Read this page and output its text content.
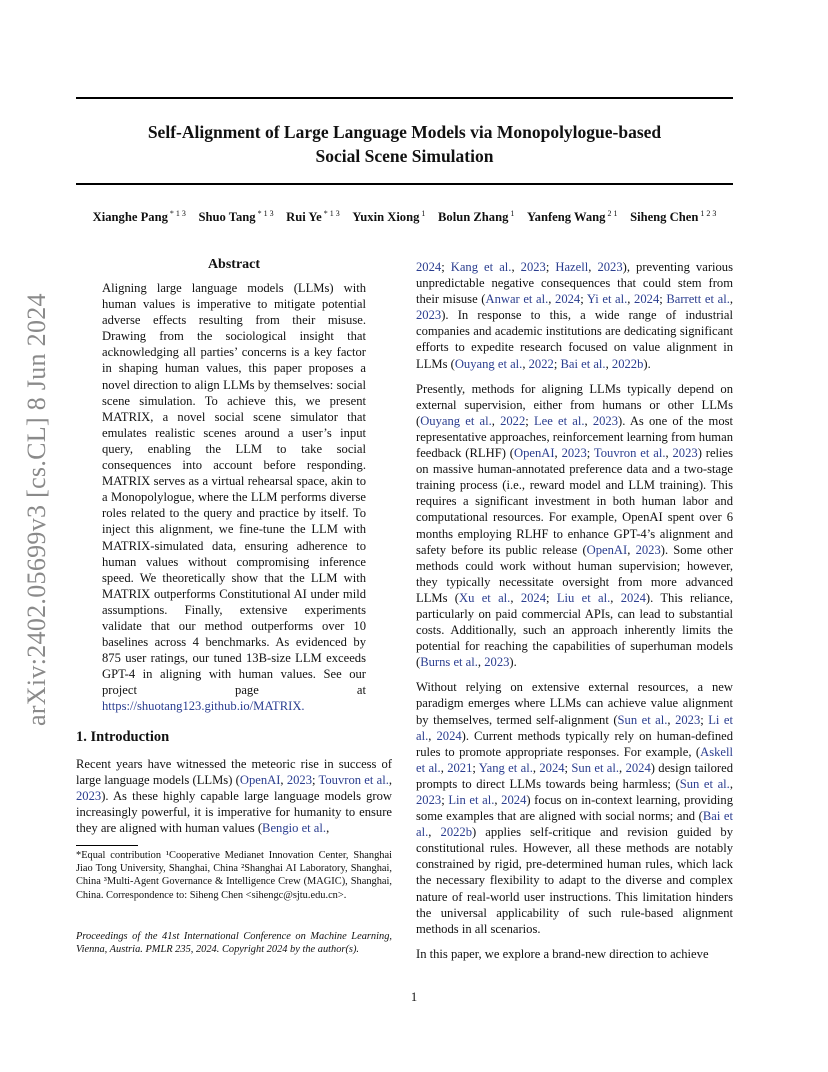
Self-Alignment of Large Language Models via Monopolylogue-based
Social Scene Simulation
Xianghe Pang $^{* 1 3}$  Shuo Tang $^{* 1 3}$  Rui Ye $^{* 1 3}$  Yuxin Xiong $^1$  Bolun Zhang $^1$  Yanfeng Wang $^{2 1}$  Siheng Chen $^{1 2 3}$
arXiv:2402.05699v3 [cs.CL] 8 Jun 2024
Abstract
Aligning large language models (LLMs) with human values is imperative to mitigate potential adverse effects resulting from their misuse. Drawing from the sociological insight that acknowledging all parties’ concerns is a key factor in shaping human values, this paper proposes a novel direction to align LLMs by themselves: social scene simulation. To achieve this, we present MATRIX, a novel social scene simulator that emulates realistic scenes around a user’s input query, enabling the LLM to take social consequences into account before responding. MATRIX serves as a virtual rehearsal space, akin to a Monopolylogue, where the LLM performs diverse roles related to the query and practice by itself. To inject this alignment, we fine-tune the LLM with MATRIX-simulated data, ensuring adherence to human values without compromising inference speed. We theoretically show that the LLM with MATRIX outperforms Constitutional AI under mild assumptions. Finally, extensive experiments validate that our method outperforms over 10 baselines across 4 benchmarks. As evidenced by 875 user ratings, our tuned 13B-size LLM exceeds GPT-4 in aligning with human values. See our project page at https://shuotang123.github.io/MATRIX.
1. Introduction

Recent years have witnessed the meteoric rise in success of large language models (LLMs) (OpenAI, 2023; Touvron et al., 2023). As these highly capable large language models grow increasingly powerful, it is imperative for humanity to ensure they are aligned with human values (Bengio et al.,

*Equal contribution ¹Cooperative Medianet Innovation Center, Shanghai Jiao Tong University, Shanghai, China ²Shanghai AI Laboratory, Shanghai, China ³Multi-Agent Governance & Intelligence Crew (MAGIC), Shanghai, China. Correspondence to: Siheng Chen <sihengc@sjtu.edu.cn>.
Proceedings of the 41st International Conference on Machine Learning, Vienna, Austria. PMLR 235, 2024. Copyright 2024 by the author(s).

2024; Kang et al., 2023; Hazell, 2023), preventing various unpredictable negative consequences that could stem from their misuse (Anwar et al., 2024; Yi et al., 2024; Barrett et al., 2023). In response to this, a wide range of industrial companies and academic institutions are dedicating significant efforts to expedite research focused on value alignment in LLMs (Ouyang et al., 2022; Bai et al., 2022b).

Presently, methods for aligning LLMs typically depend on external supervision, either from humans or other LLMs (Ouyang et al., 2022; Lee et al., 2023). As one of the most representative approaches, reinforcement learning from human feedback (RLHF) (OpenAI, 2023; Touvron et al., 2023) relies on massive human-annotated preference data and a two-stage training process (i.e., reward model and LLM training). This requires a significant investment in both human labor and computational resources. For example, OpenAI spent over 6 months employing RLHF to enhance GPT-4’s alignment and safety before its public release (OpenAI, 2023). Some other methods could work without human supervision; however, they typically necessitate oversight from more advanced LLMs (Xu et al., 2024; Liu et al., 2024). This reliance, particularly on paid commercial APIs, can lead to substantial costs. Additionally, such an approach inherently limits the potential for reaching the capabilities of superhuman models (Burns et al., 2023).

Without relying on extensive external resources, a new paradigm emerges where LLMs can achieve value alignment by themselves, termed self-alignment (Sun et al., 2023; Li et al., 2024). Current methods typically rely on human-defined rules to promote appropriate responses. For example, (Askell et al., 2021; Yang et al., 2024; Sun et al., 2024) design tailored prompts to direct LLMs towards being harmless; (Sun et al., 2023; Lin et al., 2024) focus on in-context learning, providing some examples that are aligned with social norms; and (Bai et al., 2022b) applies self-critique and revision guided by constitutional rules. However, all these methods are notably constrained by rigid, pre-determined human rules, which lack the necessary flexibility to adapt to the diverse and complex nature of real-world user instructions. This limitation hinders the universal applicability of such rule-based alignment methods in all scenarios.

In this paper, we explore a brand-new direction to achieve

1
